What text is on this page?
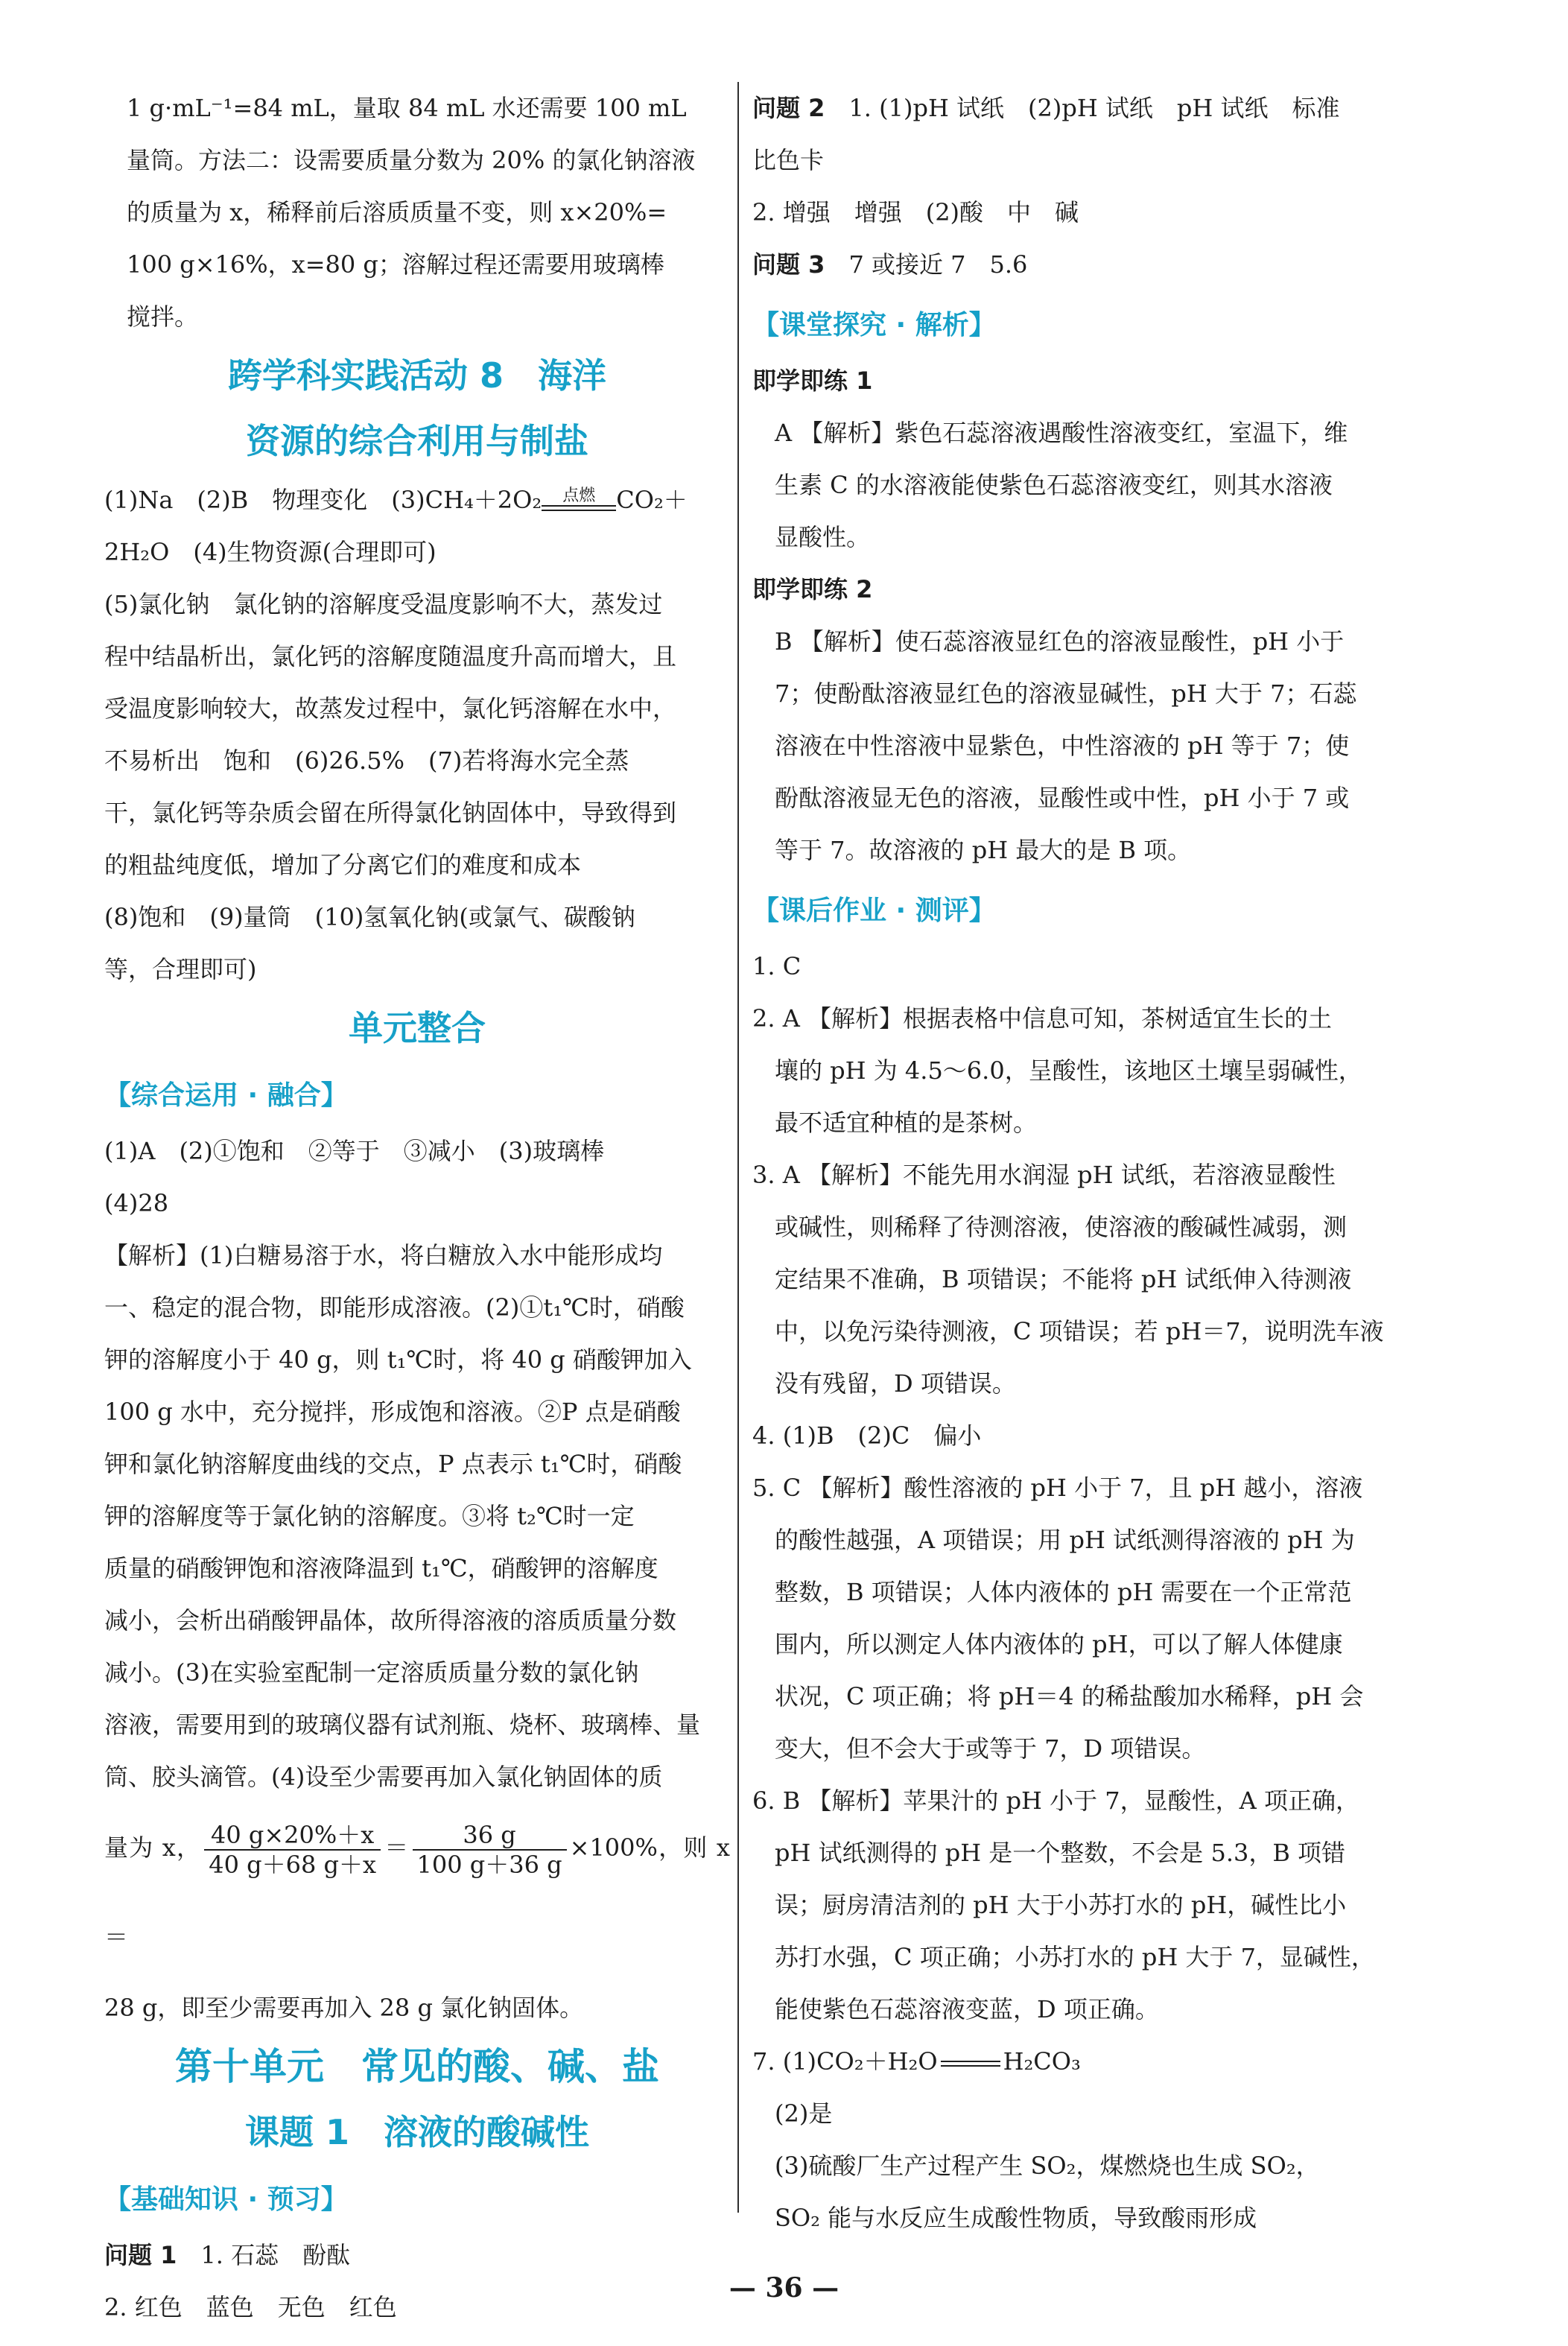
1 g·mL⁻¹=84 mL，量取 84 mL 水还需要 100 mL

量筒。方法二：设需要质量分数为 20% 的氯化钠溶液

的质量为 x，稀释前后溶质质量不变，则 x×20%=

100 g×16%，x=80 g；溶解过程还需要用玻璃棒

搅拌。

跨学科实践活动 8　海洋
资源的综合利用与制盐

(1)Na　(2)B　物理变化　(3)CH₄＋2O₂	点燃 CO₂＋

2H₂O　(4)生物资源(合理即可)

(5)氯化钠　氯化钠的溶解度受温度影响不大，蒸发过

程中结晶析出，氯化钙的溶解度随温度升高而增大，且

受温度影响较大，故蒸发过程中，氯化钙溶解在水中，

不易析出　饱和　(6)26.5%　(7)若将海水完全蒸

干，氯化钙等杂质会留在所得氯化钠固体中，导致得到

的粗盐纯度低，增加了分离它们的难度和成本

(8)饱和　(9)量筒　(10)氢氧化钠(或氯气、碳酸钠

等，合理即可)

单元整合
【综合运用 · 融合】

(1)A　(2)①饱和　②等于　③减小　(3)玻璃棒

(4)28

【解析】(1)白糖易溶于水，将白糖放入水中能形成均

一、稳定的混合物，即能形成溶液。(2)①t₁℃时，硝酸

钾的溶解度小于 40 g，则 t₁℃时，将 40 g 硝酸钾加入

100 g 水中，充分搅拌，形成饱和溶液。②P 点是硝酸

钾和氯化钠溶解度曲线的交点，P 点表示 t₁℃时，硝酸

钾的溶解度等于氯化钠的溶解度。③将 t₂℃时一定

质量的硝酸钾饱和溶液降温到 t₁℃，硝酸钾的溶解度

减小，会析出硝酸钾晶体，故所得溶液的溶质质量分数

减小。(3)在实验室配制一定溶质质量分数的氯化钠

溶液，需要用到的玻璃仪器有试剂瓶、烧杯、玻璃棒、量

筒、胶头滴管。(4)设至少需要再加入氯化钠固体的质

量为 x， $\frac{40 g\times 20\%+x}{40 g+68 g+x} = \frac{36 g}{100 g+36 g} \times 100\%$，则 x＝

28 g，即至少需要再加入 28 g 氯化钠固体。

第十单元　常见的酸、碱、盐
课题 1　溶液的酸碱性
【基础知识 · 预习】

问题 1　 1. 石蕊　酚酞

2. 红色　蓝色　无色　红色

问题 2　 1. (1)pH 试纸　(2)pH 试纸　pH 试纸　标准

比色卡

2. 增强　增强　(2)酸　中　碱

问题 3　 7 或接近 7　5.6

【课堂探究 · 解析】
即学即练 1

A 【解析】紫色石蕊溶液遇酸性溶液变红，室温下，维

生素 C 的水溶液能使紫色石蕊溶液变红，则其水溶液

显酸性。

即学即练 2

B 【解析】使石蕊溶液显红色的溶液显酸性，pH 小于

7；使酚酞溶液显红色的溶液显碱性，pH 大于 7；石蕊

溶液在中性溶液中显紫色，中性溶液的 pH 等于 7；使

酚酞溶液显无色的溶液，显酸性或中性，pH 小于 7 或

等于 7。故溶液的 pH 最大的是 B 项。

【课后作业 · 测评】

1. C

2. A 【解析】根据表格中信息可知，茶树适宜生长的土

壤的 pH 为 4.5～6.0，呈酸性，该地区土壤呈弱碱性，

最不适宜种植的是茶树。

3. A 【解析】不能先用水润湿 pH 试纸，若溶液显酸性

或碱性，则稀释了待测溶液，使溶液的酸碱性减弱，测

定结果不准确，B 项错误；不能将 pH 试纸伸入待测液

中，以免污染待测液，C 项错误；若 pH＝7，说明洗车液

没有残留，D 项错误。

4. (1)B　(2)C　偏小

5. C 【解析】酸性溶液的 pH 小于 7，且 pH 越小，溶液

的酸性越强，A 项错误；用 pH 试纸测得溶液的 pH 为

整数，B 项错误；人体内液体的 pH 需要在一个正常范

围内，所以测定人体内液体的 pH，可以了解人体健康

状况，C 项正确；将 pH＝4 的稀盐酸加水稀释，pH 会

变大，但不会大于或等于 7，D 项错误。

6. B 【解析】苹果汁的 pH 小于 7，显酸性，A 项正确，

pH 试纸测得的 pH 是一个整数，不会是 5.3，B 项错

误；厨房清洁剂的 pH 大于小苏打水的 pH，碱性比小

苏打水强，C 项正确；小苏打水的 pH 大于 7，显碱性，

能使紫色石蕊溶液变蓝，D 项正确。

7. (1)CO₂＋H₂O	H₂CO₃

(2)是

(3)硫酸厂生产过程产生 SO₂，煤燃烧也生成 SO₂，

SO₂ 能与水反应生成酸性物质，导致酸雨形成

— 36 —
